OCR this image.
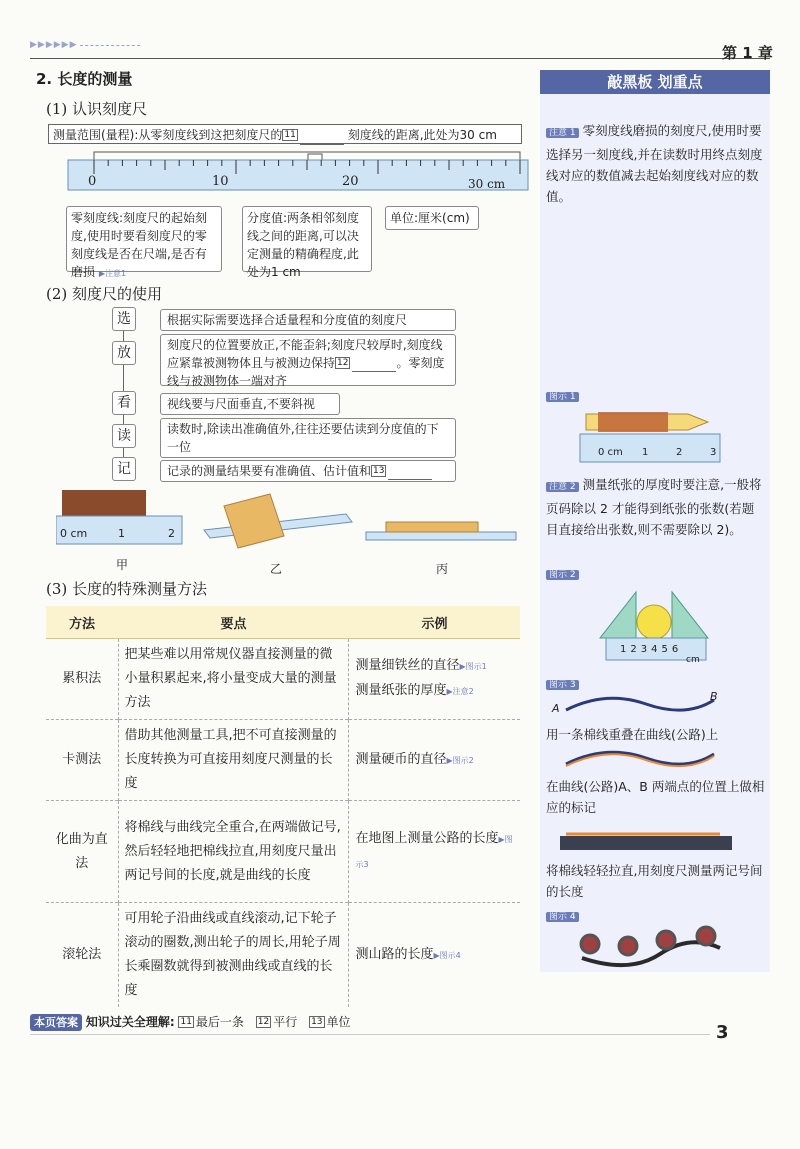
▶▶▶▶▶▶	第 1 章
2. 长度的测量
(1) 认识刻度尺
测量范围(量程):从零刻度线到这把刻度尺的 11	刻度线的距离,此处为30 cm
0	10	20	30 cm
零刻度线:刻度尺的起始刻度,使用时要看刻度尺的零刻度线是否在尺端,是否有磨损 ▶注意1
分度值:两条相邻刻度线之间的距离,可以决定测量的精确程度,此处为1 cm
单位:厘米(cm)
(2) 刻度尺的使用
选	根据实际需要选择合适量程和分度值的刻度尺
放	刻度尺的位置要放正,不能歪斜;刻度尺较厚时,刻度线应紧靠被测物体且与被测边保持 12	。零刻度线与被测物体一端对齐
看	视线要与尺面垂直,不要斜视
读	读数时,除读出准确值外,往往还要估读到分度值的下一位
记	记录的测量结果要有准确值、估计值和 13
0 cm	1	2
甲	乙	丙
(3) 长度的特殊测量方法
方法	要点	示例
累积法	把某些难以用常规仪器直接测量的微小量积累起来,将小量变成大量的测量方法	测量细铁丝的直径▶图示1
测量纸张的厚度▶注意2
卡测法	借助其他测量工具,把不可直接测量的长度转换为可直接用刻度尺测量的长度	测量硬币的直径▶图示2
化曲为直法	将棉线与曲线完全重合,在两端做记号,然后轻轻地把棉线拉直,用刻度尺量出两记号间的长度,就是曲线的长度	在地图上测量公路的长度▶图示3
滚轮法	可用轮子沿曲线或直线滚动,记下轮子滚动的圈数,测出轮子的周长,用轮子周长乘圈数就得到被测曲线或直线的长度	测山路的长度▶图示4
敲黑板 划重点
注意 1 零刻度线磨损的刻度尺,使用时要选择另一刻度线,并在读数时用终点刻度线对应的数值减去起始刻度线对应的数值。
图示 1
0 cm 1	2	3
注意 2 测量纸张的厚度时要注意,一般将页码除以 2 才能得到纸张的张数(若题目直接给出张数,则不需要除以 2)。
图示 2
123456
cm
图示 3
A
B
用一条棉线重叠在曲线(公路)上
在曲线(公路)A、B 两端点的位置上做相应的标记
将棉线轻轻拉直,用刻度尺测量两记号间的长度
图示 4
本页答案 知识过关全理解: 11 最后一条 12 平行 13 单位	3
